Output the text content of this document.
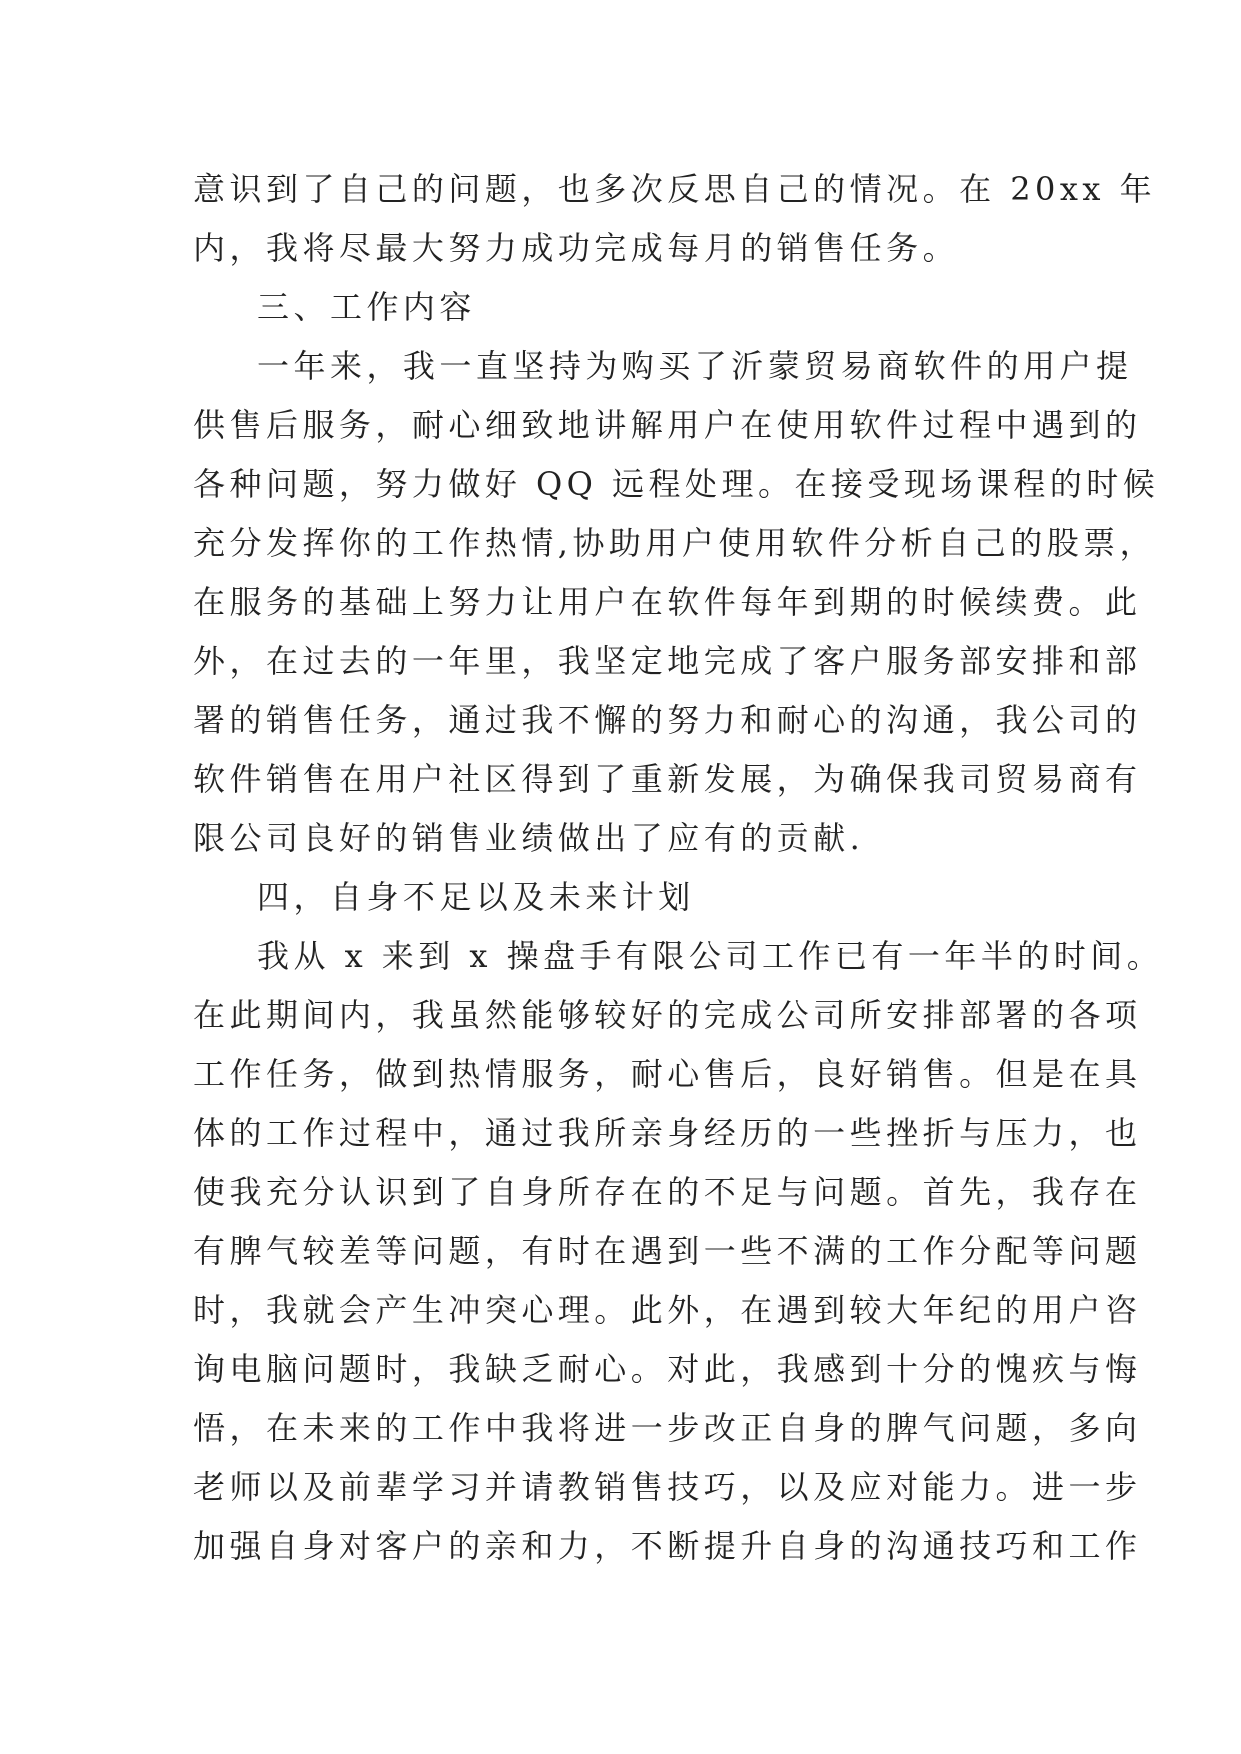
意识到了自己的问题，也多次反思自己的情况。在 20xx 年
内，我将尽最大努力成功完成每月的销售任务。
三、工作内容
一年来，我一直坚持为购买了沂蒙贸易商软件的用户提
供售后服务，耐心细致地讲解用户在使用软件过程中遇到的
各种问题，努力做好 QQ 远程处理。在接受现场课程的时候
充分发挥你的工作热情,协助用户使用软件分析自己的股票，
在服务的基础上努力让用户在软件每年到期的时候续费。此
外，在过去的一年里，我坚定地完成了客户服务部安排和部
署的销售任务，通过我不懈的努力和耐心的沟通，我公司的
软件销售在用户社区得到了重新发展，为确保我司贸易商有
限公司良好的销售业绩做出了应有的贡献.
四，自身不足以及未来计划
我从 x 来到 x 操盘手有限公司工作已有一年半的时间。
在此期间内，我虽然能够较好的完成公司所安排部署的各项
工作任务，做到热情服务，耐心售后，良好销售。但是在具
体的工作过程中，通过我所亲身经历的一些挫折与压力，也
使我充分认识到了自身所存在的不足与问题。首先，我存在
有脾气较差等问题，有时在遇到一些不满的工作分配等问题
时，我就会产生冲突心理。此外，在遇到较大年纪的用户咨
询电脑问题时，我缺乏耐心。对此，我感到十分的愧疚与悔
悟，在未来的工作中我将进一步改正自身的脾气问题，多向
老师以及前辈学习并请教销售技巧，以及应对能力。进一步
加强自身对客户的亲和力，不断提升自身的沟通技巧和工作
